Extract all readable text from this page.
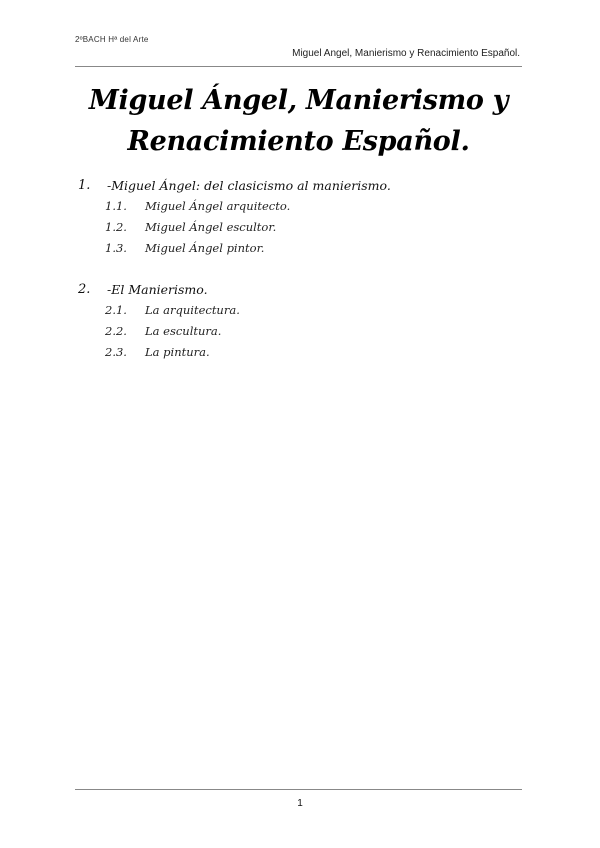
2ºBACH Hª del Arte
Miguel Angel, Manierismo y Renacimiento Español.
Miguel Ángel, Manierismo y
Renacimiento Español.
1. -Miguel Ángel: del clasicismo al manierismo.
1.1. Miguel Ángel arquitecto.
1.2. Miguel Ángel escultor.
1.3. Miguel Ángel pintor.
2. -El Manierismo.
2.1. La arquitectura.
2.2. La escultura.
2.3. La pintura.
1
